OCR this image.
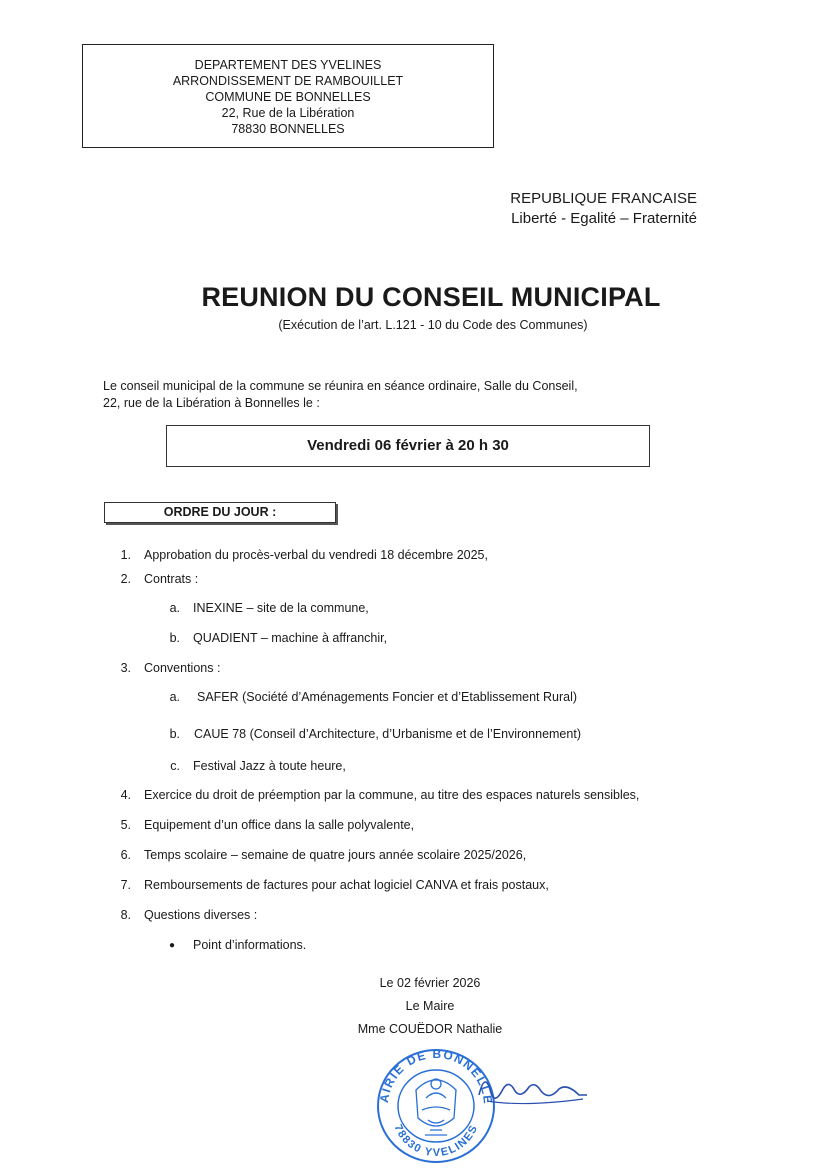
DEPARTEMENT DES YVELINES
ARRONDISSEMENT DE RAMBOUILLET
COMMUNE DE BONNELLES
22, Rue de la Libération
78830 BONNELLES
REPUBLIQUE FRANCAISE
Liberté - Egalité – Fraternité
REUNION DU CONSEIL MUNICIPAL
(Exécution de l’art. L.121 - 10 du Code des Communes)
Le conseil municipal de la commune se réunira en séance ordinaire, Salle du Conseil,
22, rue de la Libération à Bonnelles le :
Vendredi 06 février à 20 h 30
ORDRE DU JOUR :
1. Approbation du procès-verbal du vendredi 18 décembre 2025,
2. Contrats :
a. INEXINE – site de la commune,
b. QUADIENT – machine à affranchir,
3. Conventions :
a. SAFER (Société d’Aménagements Foncier et d’Etablissement Rural)
b. CAUE 78 (Conseil d’Architecture, d’Urbanisme et de l’Environnement)
c. Festival Jazz à toute heure,
4. Exercice du droit de préemption par la commune, au titre des espaces naturels sensibles,
5. Equipement d’un office dans la salle polyvalente,
6. Temps scolaire – semaine de quatre jours année scolaire 2025/2026,
7. Remboursements de factures pour achat logiciel CANVA et frais postaux,
8. Questions diverses :
● Point d’informations.
Le 02 février 2026
Le Maire
Mme COUËDOR Nathalie
AIRIE DE BONNELLE
78830 YVELINES
